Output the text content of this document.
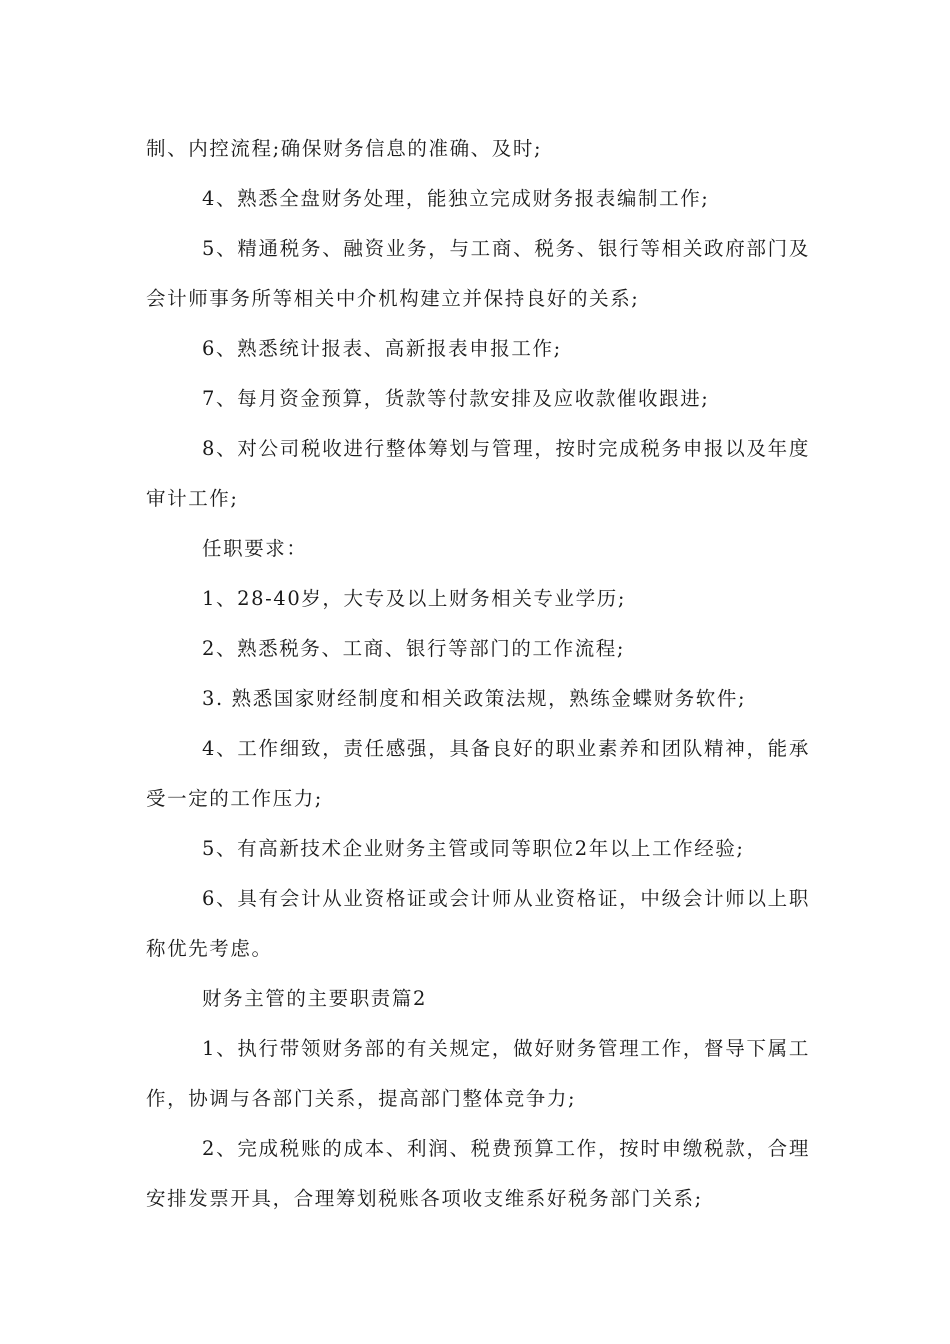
制、内控流程;确保财务信息的准确、及时;

4、熟悉全盘财务处理，能独立完成财务报表编制工作;

5、精通税务、融资业务，与工商、税务、银行等相关政府部门及会计师事务所等相关中介机构建立并保持良好的关系;

6、熟悉统计报表、高新报表申报工作;

7、每月资金预算，货款等付款安排及应收款催收跟进;

8、对公司税收进行整体筹划与管理，按时完成税务申报以及年度审计工作;

任职要求：

1、28-40岁，大专及以上财务相关专业学历;

2、熟悉税务、工商、银行等部门的工作流程;

3. 熟悉国家财经制度和相关政策法规，熟练金蝶财务软件;

4、工作细致，责任感强，具备良好的职业素养和团队精神，能承受一定的工作压力;

5、有高新技术企业财务主管或同等职位2年以上工作经验;

6、具有会计从业资格证或会计师从业资格证，中级会计师以上职称优先考虑。

财务主管的主要职责篇2

1、执行带领财务部的有关规定，做好财务管理工作，督导下属工作，协调与各部门关系，提高部门整体竞争力;

2、完成税账的成本、利润、税费预算工作，按时申缴税款，合理安排发票开具，合理筹划税账各项收支维系好税务部门关系;
